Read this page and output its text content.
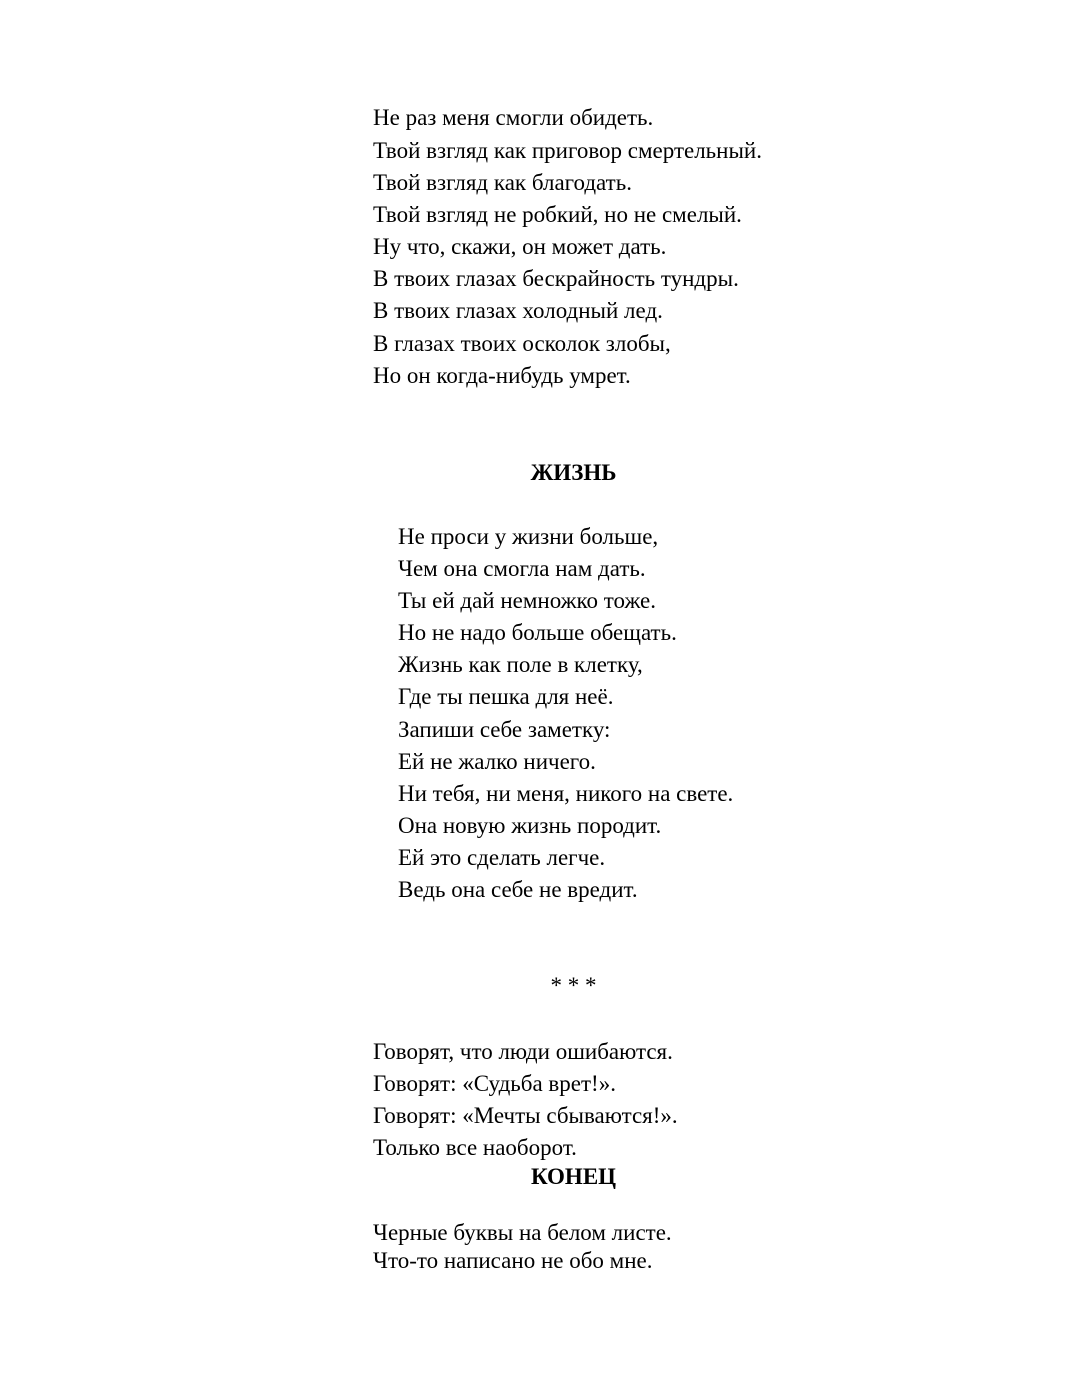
Не раз меня смогли обидеть.
Твой взгляд как приговор смертельный.
Твой взгляд как благодать.
Твой взгляд не робкий, но не смелый.
Ну что, скажи, он может дать.
В твоих глазах бескрайность тундры.
В твоих глазах холодный лед.
В глазах твоих осколок злобы,
Но он когда-нибудь умрет.
ЖИЗНЬ
Не проси у жизни больше,
Чем она смогла нам дать.
Ты ей дай немножко тоже.
Но не надо больше обещать.
Жизнь как поле в клетку,
Где ты пешка для неё.
Запиши себе заметку:
Ей не жалко ничего.
Ни тебя, ни меня, никого на свете.
Она новую жизнь породит.
Ей это сделать легче.
Ведь она себе не вредит.
* * *
Говорят, что люди ошибаются.
Говорят: «Судьба врет!».
Говорят: «Мечты сбываются!».
Только все наоборот.
КОНЕЦ
Черные буквы на белом листе.
Что-то написано не обо мне.
